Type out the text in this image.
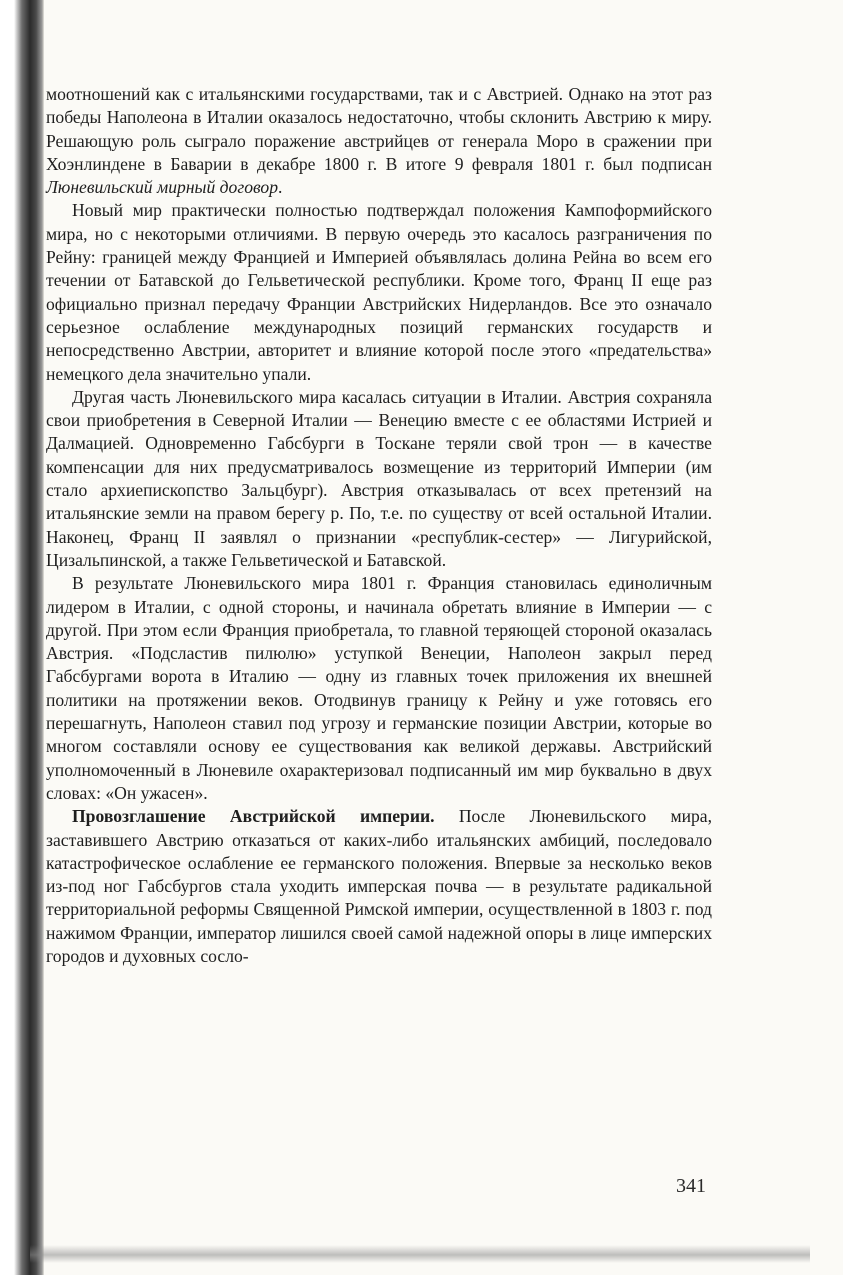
моотношений как с итальянскими государствами, так и с Австрией. Однако на этот раз победы Наполеона в Италии оказалось недостаточно, чтобы склонить Австрию к миру. Решающую роль сыграло поражение австрийцев от генерала Моро в сражении при Хоэнлиндене в Баварии в декабре 1800 г. В итоге 9 февраля 1801 г. был подписан Люневильский мирный договор.

Новый мир практически полностью подтверждал положения Кампоформийского мира, но с некоторыми отличиями. В первую очередь это касалось разграничения по Рейну: границей между Францией и Империей объявлялась долина Рейна во всем его течении от Батавской до Гельветической республики. Кроме того, Франц II еще раз официально признал передачу Франции Австрийских Нидерландов. Все это означало серьезное ослабление международных позиций германских государств и непосредственно Австрии, авторитет и влияние которой после этого «предательства» немецкого дела значительно упали.

Другая часть Люневильского мира касалась ситуации в Италии. Австрия сохраняла свои приобретения в Северной Италии — Венецию вместе с ее областями Истрией и Далмацией. Одновременно Габсбурги в Тоскане теряли свой трон — в качестве компенсации для них предусматривалось возмещение из территорий Империи (им стало архиепископство Зальцбург). Австрия отказывалась от всех претензий на итальянские земли на правом берегу р. По, т.е. по существу от всей остальной Италии. Наконец, Франц II заявлял о признании «республик-сестер» — Лигурийской, Цизальпинской, а также Гельветической и Батавской.

В результате Люневильского мира 1801 г. Франция становилась единоличным лидером в Италии, с одной стороны, и начинала обретать влияние в Империи — с другой. При этом если Франция приобретала, то главной теряющей стороной оказалась Австрия. «Подсластив пилюлю» уступкой Венеции, Наполеон закрыл перед Габсбургами ворота в Италию — одну из главных точек приложения их внешней политики на протяжении веков. Отодвинув границу к Рейну и уже готовясь его перешагнуть, Наполеон ставил под угрозу и германские позиции Австрии, которые во многом составляли основу ее существования как великой державы. Австрийский уполномоченный в Люневиле охарактеризовал подписанный им мир буквально в двух словах: «Он ужасен».

Провозглашение Австрийской империи. После Люневильского мира, заставившего Австрию отказаться от каких-либо итальянских амбиций, последовало катастрофическое ослабление ее германского положения. Впервые за несколько веков из-под ног Габсбургов стала уходить имперская почва — в результате радикальной территориальной реформы Священной Римской империи, осуществленной в 1803 г. под нажимом Франции, император лишился своей самой надежной опоры в лице имперских городов и духовных сосло-

341
